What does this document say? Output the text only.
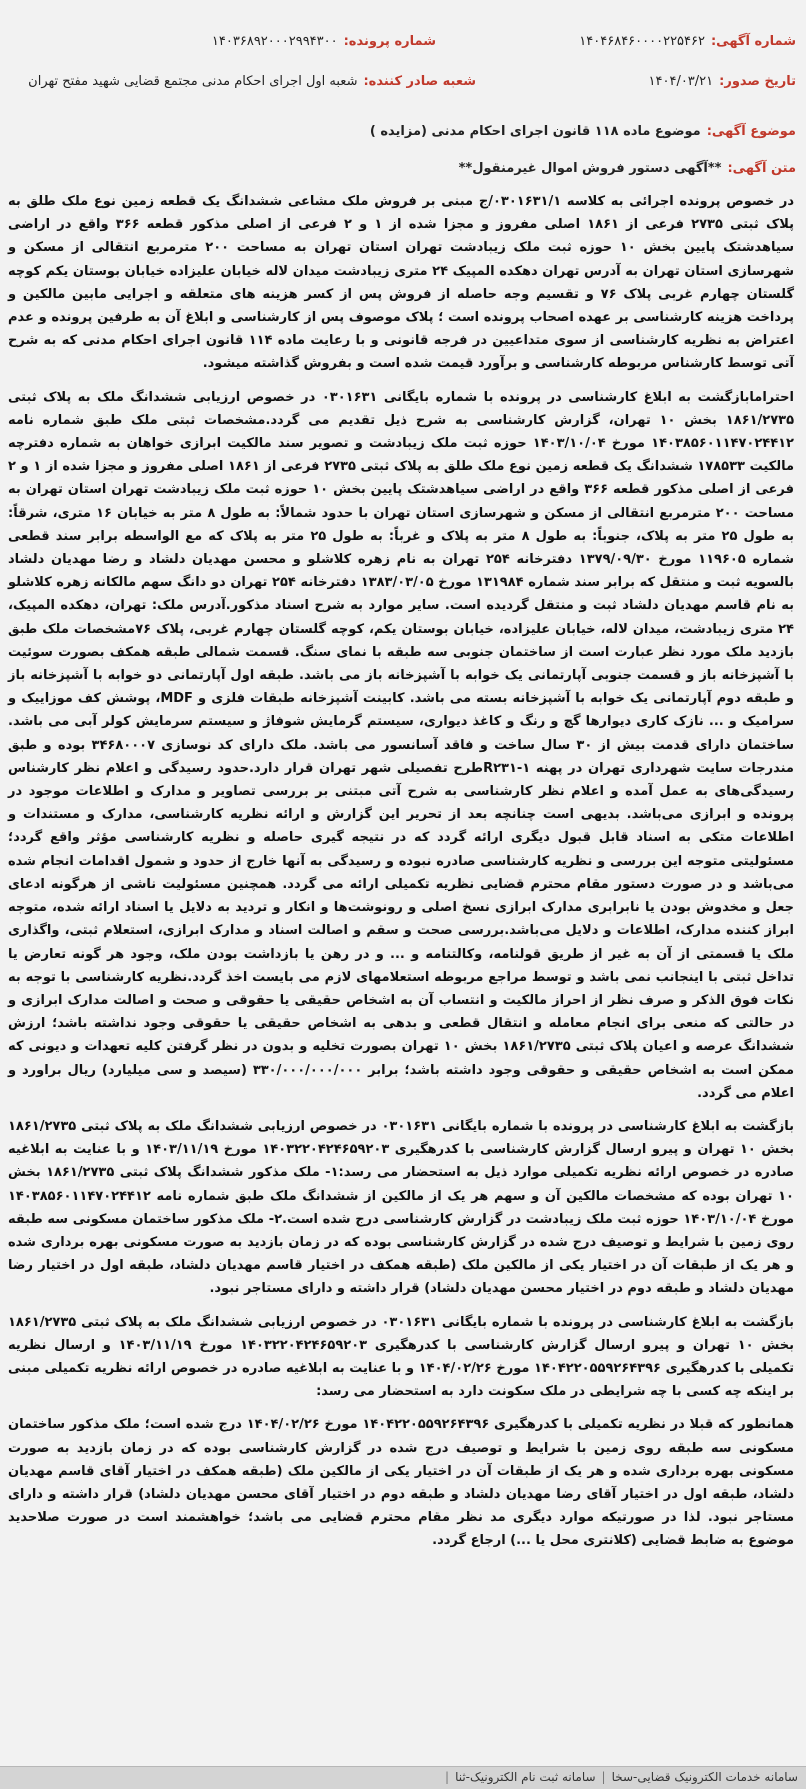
شماره آگهی:۱۴۰۴۶۸۴۶۰۰۰۰۲۲۵۴۶۲
شماره پرونده:۱۴۰۳۶۸۹۲۰۰۰۲۹۹۴۳۰۰
تاریخ صدور:۱۴۰۴/۰۳/۲۱
شعبه صادر کننده:شعبه اول اجرای احکام مدنی مجتمع قضایی شهید مفتح تهران
موضوع آگهی:موضوع ماده ۱۱۸ قانون اجرای احکام مدنی (مزایده )
متن آگهی:**آگهی دستور فروش اموال غیرمنقول**

در خصوص پرونده اجرائی به کلاسه ۰۳۰۱۶۳۱/۱/ج مبنی بر فروش ملک مشاعی ششدانگ یک قطعه زمین نوع ملک طلق به پلاک ثبتی ۲۷۳۵ فرعی از ۱۸۶۱ اصلی مفروز و مجزا شده از ۱ و ۲ فرعی از اصلی مذکور قطعه ۳۶۶ واقع در اراضی سیاهدشتک پایین بخش ۱۰ حوزه ثبت ملک زیبادشت تهران استان تهران به مساحت ۲۰۰ مترمربع انتقالی از مسکن و شهرسازی استان تهران به آدرس تهران دهکده المپیک ۲۴ متری زیبادشت میدان لاله خیابان علیزاده خیابان بوستان یکم کوچه گلستان چهارم غربی پلاک ۷۶ و تقسیم وجه حاصله از فروش پس از کسر هزینه های متعلقه و اجرایی مابین مالکین و پرداخت هزینه کارشناسی بر عهده اصحاب پرونده است ؛ پلاک موصوف پس از کارشناسی و ابلاغ آن به طرفین پرونده و عدم اعتراض به نظریه کارشناسی از سوی متداعیین در فرجه قانونی و با رعایت ماده ۱۱۴ قانون اجرای احکام مدنی که به شرح آتی توسط کارشناس مربوطه کارشناسی و برآورد قیمت شده است و بفروش گذاشته میشود.

احتراماباز‌گشت به ابلاغ کارشناسی در پرونده با شماره بایگانی ۰۳۰۱۶۳۱ در خصوص ارزیابی ششدانگ ملک به پلاک ثبتی ۱۸۶۱/۲۷۳۵ بخش ۱۰ تهران، گزارش کارشناسی به شرح ذیل تقدیم می گردد.مشخصات ثبتی ملک طبق شماره نامه ۱۴۰۳۸۵۶۰۱۱۴۷۰۲۴۴۱۲ مورخ ۱۴۰۳/۱۰/۰۴ حوزه ثبت ملک زیبادشت و تصویر سند مالکیت ابرازی خواهان به شماره دفترچه مالکیت ۱۷۸۵۳۳ ششدانگ یک قطعه زمین نوع ملک طلق به پلاک ثبتی ۲۷۳۵ فرعی از ۱۸۶۱ اصلی مفروز و مجزا شده از ۱ و ۲ فرعی از اصلی مذکور قطعه ۳۶۶ واقع در اراضی سیاهدشتک پایین بخش ۱۰ حوزه ثبت ملک زیبادشت تهران استان تهران به مساحت ۲۰۰ مترمربع انتقالی از مسکن و شهرسازی استان تهران با حدود شمالاً: به طول ۸ متر به خیابان ۱۶ متری، شرقاً: به طول ۲۵ متر به پلاک، جنوباً: به طول ۸ متر به پلاک و غرباً: به طول ۲۵ متر به پلاک که مع الواسطه برابر سند قطعی شماره ۱۱۹۶۰۵ مورخ ۱۳۷۹/۰۹/۳۰ دفترخانه ۲۵۴ تهران به نام زهره کلاشلو و محسن مهدیان دلشاد و رضا مهدیان دلشاد بالسویه ثبت و منتقل که برابر سند شماره ۱۳۱۹۸۴ مورخ ۱۳۸۳/۰۳/۰۵ دفترخانه ۲۵۴ تهران دو دانگ سهم مالکانه زهره کلاشلو به نام قاسم مهدیان دلشاد ثبت و منتقل گردیده است. سایر موارد به شرح اسناد مذکور.آدرس ملک: تهران، دهکده المپیک، ۲۴ متری زیبادشت، میدان لاله، خیابان علیزاده، خیابان بوستان یکم، کوچه گلستان چهارم غربی، پلاک ۷۶مشخصات ملک طبق بازدید ملک مورد نظر عبارت است از ساختمان جنوبی سه طبقه با نمای سنگ. قسمت شمالی طبقه همکف بصورت سوئیت با آشپزخانه باز و قسمت جنوبی آپارتمانی یک خوابه با آشپزخانه باز می باشد. طبقه اول آپارتمانی دو خوابه با آشپزخانه باز و طبقه دوم آپارتمانی یک خوابه با آشپزخانه بسته می باشد. کابینت آشپزخانه طبقات فلزی و MDF، پوشش کف موزاییک و سرامیک و ... نازک کاری دیوارها گچ و رنگ و کاغذ دیواری، سیستم گرمایش شوفاژ و سیستم سرمایش کولر آبی می باشد. ساختمان دارای قدمت بیش از ۳۰ سال ساخت و فاقد آسانسور می باشد. ملک دارای کد نوسازی ۳۴۶۸۰۰۰۷ بوده و طبق مندرجات سایت شهرداری تهران در پهنه R۲۳۱-۱طرح تفصیلی شهر تهران قرار دارد.حدود رسیدگی و اعلام نظر کارشناس رسیدگی‌های به عمل آمده و اعلام نظر کارشناسی به شرح آتی مبتنی بر بررسی تصاویر و مدارک و اطلاعات موجود در پرونده و ابرازی می‌باشد. بدیهی است چنانچه بعد از تحریر این گزارش و ارائه نظریه کارشناسی، مدارک و مستندات و اطلاعات متکی به اسناد قابل قبول دیگری ارائه گردد که در نتیجه گیری حاصله و نظریه کارشناسی مؤثر واقع گردد؛ مسئولیتی متوجه این بررسی و نظریه کارشناسی صادره نبوده و رسیدگی به آنها خارج از حدود و شمول اقدامات انجام شده می‌باشد و در صورت دستور مقام محترم قضایی نظریه تکمیلی ارائه می گردد. همچنین مسئولیت ناشی از هرگونه ادعای جعل و مخدوش بودن یا نابرابری مدارک ابرازی نسخ اصلی و رونوشت‌ها و انکار و تردید به دلایل یا اسناد ارائه شده، متوجه ابراز کننده مدارک، اطلاعات و دلایل می‌باشد.بررسی صحت و سقم و اصالت اسناد و مدارک ابرازی، استعلام ثبتی، واگذاری ملک یا قسمتی از آن به غیر از طریق قولنامه، وکالتنامه و ... و در رهن یا بازداشت بودن ملک، وجود هر گونه تعارض یا تداخل ثبتی با اینجانب نمی باشد و توسط مراجع مربوطه استعلامهای لازم می بایست اخذ گردد.نظریه کارشناسی با توجه به نکات فوق الذکر و صرف نظر از احراز مالکیت و انتساب آن به اشخاص حقیقی یا حقوقی و صحت و اصالت مدارک ابرازی و در حالتی که منعی برای انجام معامله و انتقال قطعی و بدهی به اشخاص حقیقی یا حقوقی وجود نداشته باشد؛ ارزش ششدانگ عرصه و اعیان پلاک ثبتی ۱۸۶۱/۲۷۳۵ بخش ۱۰ تهران بصورت تخلیه و بدون در نظر گرفتن کلیه تعهدات و دیونی که ممکن است به اشخاص حقیقی و حقوقی وجود داشته باشد؛ برابر ۳۳۰/۰۰۰/۰۰۰/۰۰۰ (سیصد و سی میلیارد) ریال براورد و اعلام می گردد.

بازگشت به ابلاغ کارشناسی در پرونده با شماره بایگانی ۰۳۰۱۶۳۱ در خصوص ارزیابی ششدانگ ملک به پلاک ثبتی ۱۸۶۱/۲۷۳۵ بخش ۱۰ تهران و پیرو ارسال گزارش کارشناسی با کدرهگیری ۱۴۰۳۲۲۰۴۲۴۶۵۹۲۰۳ مورخ ۱۴۰۳/۱۱/۱۹ و با عنایت به ابلاغیه صادره در خصوص ارائه نظریه تکمیلی موارد ذیل به استحضار می رسد:۱- ملک مذکور ششدانگ پلاک ثبتی ۱۸۶۱/۲۷۳۵ بخش ۱۰ تهران بوده که مشخصات مالکین آن و سهم هر یک از مالکین از ششدانگ ملک طبق شماره نامه ۱۴۰۳۸۵۶۰۱۱۴۷۰۲۴۴۱۲ مورخ ۱۴۰۳/۱۰/۰۴ حوزه ثبت ملک زیبادشت در گزارش کارشناسی درج شده است.۲- ملک مذکور ساختمان مسکونی سه طبقه روی زمین با شرایط و توصیف درج شده در گزارش کارشناسی بوده که در زمان بازدید به صورت مسکونی بهره برداری شده و هر یک از طبقات آن در اختیار یکی از مالکین ملک (طبقه همکف در اختیار قاسم مهدیان دلشاد، طبقه اول در اختیار رضا مهدیان دلشاد و طبقه دوم در اختیار محسن مهدیان دلشاد) قرار داشته و دارای مستاجر نبود.

بازگشت به ابلاغ کارشناسی در پرونده با شماره بایگانی ۰۳۰۱۶۳۱ در خصوص ارزیابی ششدانگ ملک به پلاک ثبتی ۱۸۶۱/۲۷۳۵ بخش ۱۰ تهران و پیرو ارسال گزارش کارشناسی با کدرهگیری ۱۴۰۳۲۲۰۴۲۴۶۵۹۲۰۳ مورخ ۱۴۰۳/۱۱/۱۹ و ارسال نظریه تکمیلی با کدرهگیری ۱۴۰۴۲۲۰۵۵۹۲۶۴۳۹۶ مورخ ۱۴۰۴/۰۲/۲۶ و با عنایت به ابلاغیه صادره در خصوص ارائه نظریه تکمیلی مبنی بر اینکه چه کسی با چه شرایطی در ملک سکونت دارد به استحضار می رسد:

همانطور که قبلا در نظریه تکمیلی با کدرهگیری ۱۴۰۴۲۲۰۵۵۹۲۶۴۳۹۶ مورخ ۱۴۰۴/۰۲/۲۶ درج شده است؛ ملک مذکور ساختمان مسکونی سه طبقه روی زمین با شرایط و توصیف درج شده در گزارش کارشناسی بوده که در زمان بازدید به صورت مسکونی بهره برداری شده و هر یک از طبقات آن در اختیار یکی از مالکین ملک (طبقه همکف در اختیار آقای قاسم مهدیان دلشاد، طبقه اول در اختیار آقای رضا مهدیان دلشاد و طبقه دوم در اختیار آقای محسن مهدیان دلشاد) قرار داشته و دارای مستاجر نبود. لذا در صورتیکه موارد دیگری مد نظر مقام محترم قضایی می باشد؛ خواهشمند است در صورت صلاحدید موضوع به ضابط قضایی (کلانتری محل یا ...) ارجاع گردد.

سامانه خدمات الکترونیک قضایی-سخا|سامانه ثبت نام الکترونیک-ثنا|
